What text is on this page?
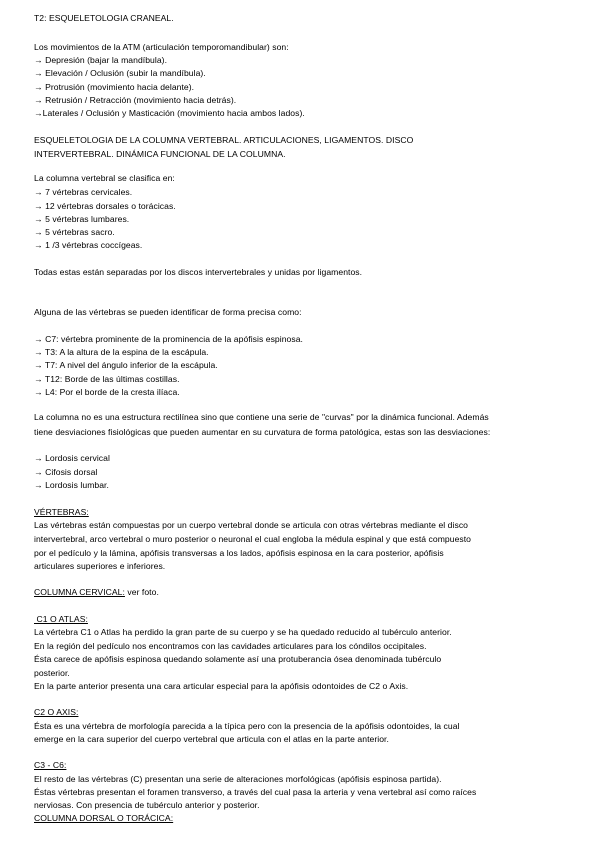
T2: ESQUELETOLOGIA CRANEAL.

Los movimientos de la ATM (articulación temporomandibular) son:

→ Depresión (bajar la mandíbula).

→ Elevación / Oclusión (subir la mandíbula).

→ Protrusión (movimiento hacia delante).

→ Retrusión / Retracción (movimiento hacia detrás).

→Laterales / Oclusión y Masticación (movimiento hacia ambos lados).

ESQUELETOLOGIA DE LA COLUMNA VERTEBRAL. ARTICULACIONES, LIGAMENTOS. DISCO

INTERVERTEBRAL. DINÁMICA FUNCIONAL DE LA COLUMNA.

La columna vertebral se clasifica en:

→ 7 vértebras cervicales.

→ 12 vértebras dorsales o torácicas.

→ 5 vértebras lumbares.

→ 5 vértebras sacro.

→ 1 /3 vértebras coccígeas.

Todas estas están separadas por los discos intervertebrales y unidas por ligamentos.

Alguna de las vértebras se pueden identificar de forma precisa como:

→ C7: vértebra prominente de la prominencia de la apófisis espinosa.

→ T3: A la altura de la espina de la escápula.

→ T7: A nivel del ángulo inferior de la escápula.

→ T12: Borde de las últimas costillas.

→ L4: Por el borde de la cresta ilíaca.

La columna no es una estructura rectilínea sino que contiene una serie de "curvas" por la dinámica funcional. Además

tiene desviaciones fisiológicas que pueden aumentar en su curvatura de forma patológica, estas son las desviaciones:

→ Lordosis cervical

→ Cifosis dorsal

→ Lordosis lumbar.

VÉRTEBRAS:

Las vértebras están compuestas por un cuerpo vertebral donde se articula con otras vértebras mediante el disco

intervertebral, arco vertebral o muro posterior o neuronal el cual engloba la médula espinal y que está compuesto

por el pedículo y la lámina, apófisis transversas a los lados, apófisis espinosa en la cara posterior, apófisis

articulares superiores e inferiores.

COLUMNA CERVICAL: ver foto.

C1 O ATLAS:

La vértebra C1 o Atlas ha perdido la gran parte de su cuerpo y se ha quedado reducido al tubérculo anterior.

En la región del pedículo nos encontramos con las cavidades articulares para los cóndilos occipitales.

Ésta carece de apófisis espinosa quedando solamente así una protuberancia ósea denominada tubérculo

posterior.

En la parte anterior presenta una cara articular especial para la apófisis odontoides de C2 o Axis.

C2 O AXIS:

Ésta es una vértebra de morfología parecida a la típica pero con la presencia de la apófisis odontoides, la cual

emerge en la cara superior del cuerpo vertebral que articula con el atlas en la parte anterior.

C3 - C6:

El resto de las vértebras (C) presentan una serie de alteraciones morfológicas (apófisis espinosa partida).

Éstas vértebras presentan el foramen transverso, a través del cual pasa la arteria y vena vertebral así como raíces

nerviosas. Con presencia de tubérculo anterior y posterior.

COLUMNA DORSAL O TORÁCICA:
